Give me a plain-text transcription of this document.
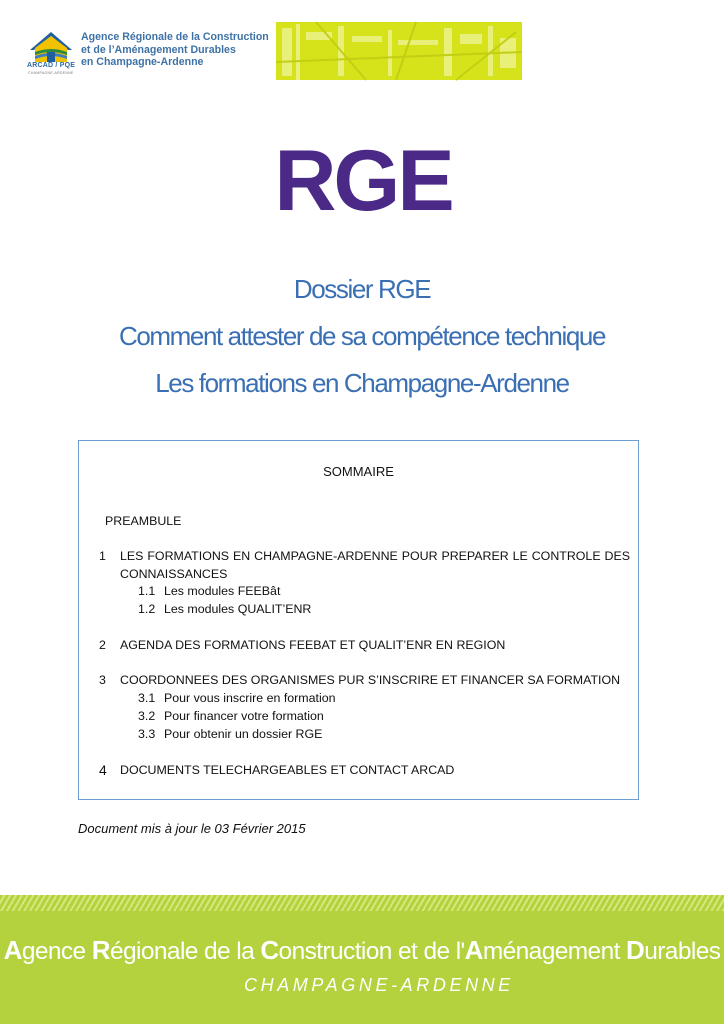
ARCAD / PQE
CHAMPAGNE-ARDENNE
Agence Régionale de la Construction
et de l’Aménagement Durables
en Champagne-Ardenne
RGE
Dossier RGE
Comment attester de sa compétence technique
Les formations en Champagne-Ardenne
SOMMAIRE
PREAMBULE
1 LES FORMATIONS EN CHAMPAGNE-ARDENNE POUR PREPARER LE CONTROLE DES
CONNAISSANCES
1.1 Les modules FEEBât
1.2 Les modules QUALIT’ENR
2 AGENDA DES FORMATIONS FEEBAT ET QUALIT’ENR EN REGION
3 COORDONNEES DES ORGANISMES PUR S’INSCRIRE ET FINANCER SA FORMATION
3.1 Pour vous inscrire en formation
3.2 Pour financer votre formation
3.3 Pour obtenir un dossier RGE
4 DOCUMENTS TELECHARGEABLES ET CONTACT ARCAD
Document mis à jour le 03 Février 2015
Agence Régionale de la Construction et de l'Aménagement Durables
CHAMPAGNE-ARDENNE
